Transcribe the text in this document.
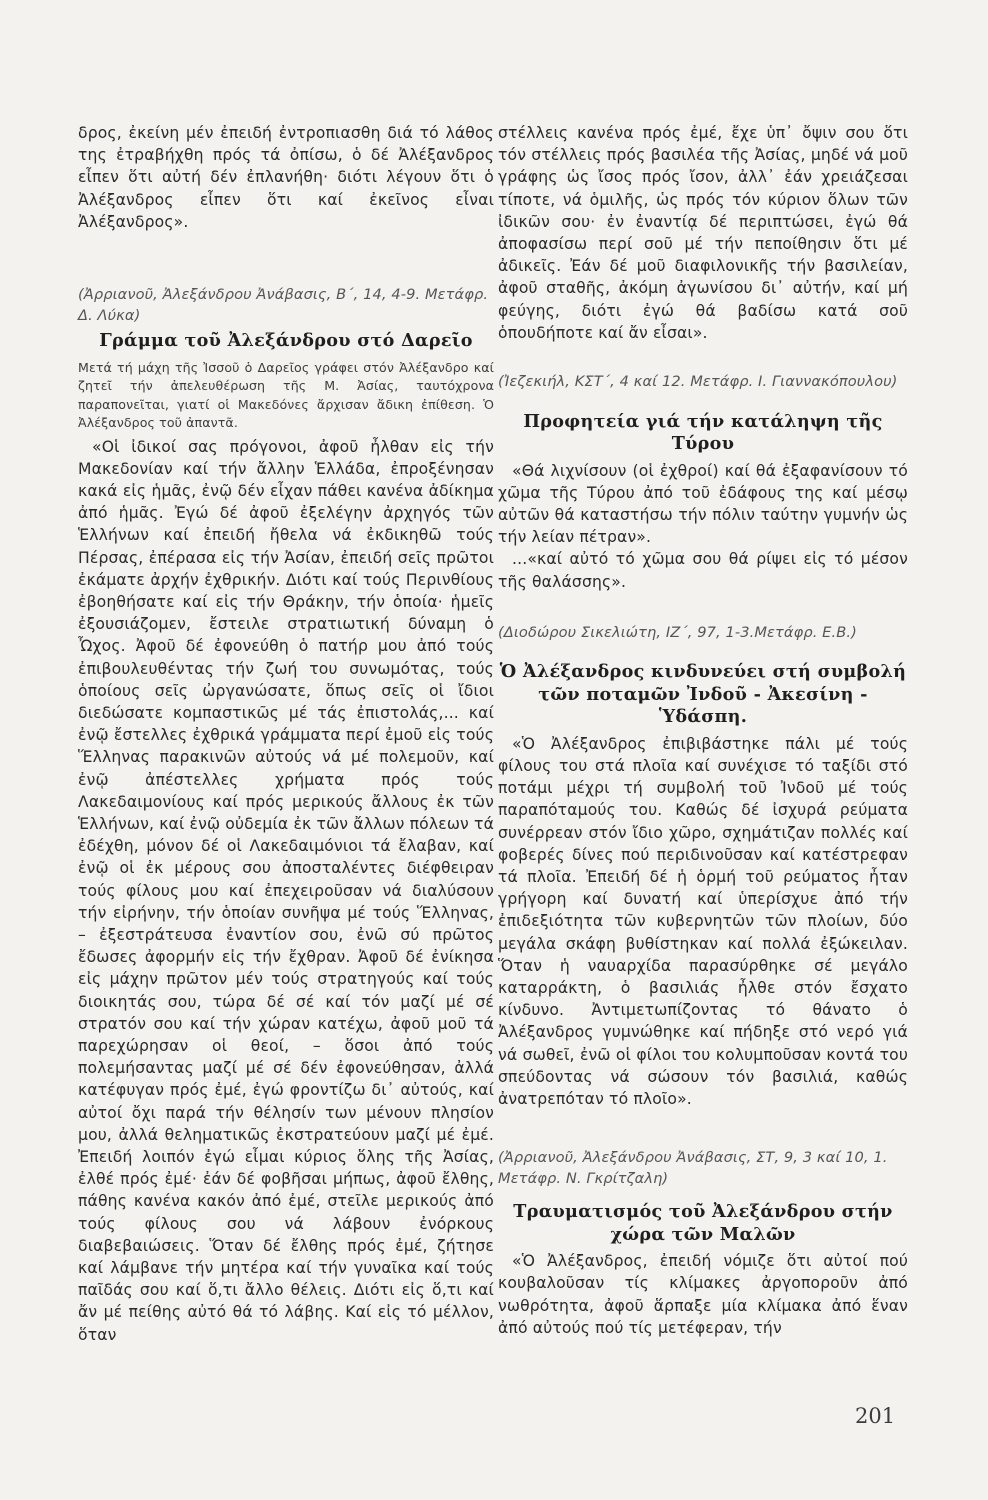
δρος, ἐκείνη μέν ἐπειδή ἐντροπιασθη διά τό λάθος της ἐτραβήχθη πρός τά ὀπίσω, ὁ δέ Ἀλέξανδρος εἶπεν ὅτι αὐτή δέν ἐπλανήθη· διότι λέγουν ὅτι ὁ Ἀλέξανδρος εἶπεν ὅτι καί ἐκεῖνος εἶναι Ἀλέξανδρος».

(Ἀρριανοῦ, Ἀλεξάνδρου Ἀνάβασις, Β΄, 14, 4-9. Μετάφρ. Δ. Λύκα)

Γράμμα τοῦ Ἀλεξάνδρου στό Δαρεῖο

Μετά τή μάχη τῆς Ἰσσοῦ ὁ Δαρεῖος γράφει στόν Ἀλέξανδρο καί ζητεῖ τήν ἀπελευθέρωση τῆς Μ. Ἀσίας, ταυτόχρονα παραπονεῖται, γιατί οἱ Μακεδόνες ἄρχισαν ἄδικη ἐπίθεση. Ὁ Ἀλέξανδρος τοῦ ἀπαντᾶ.

«Οἱ ἰδικοί σας πρόγονοι, ἀφοῦ ἦλθαν εἰς τήν Μακεδονίαν καί τήν ἄλλην Ἑλλάδα, ἐπροξένησαν κακά εἰς ἡμᾶς, ἐνῷ δέν εἶχαν πάθει κανένα ἀδίκημα ἀπό ἡμᾶς. Ἐγώ δέ ἀφοῦ ἐξελέγην ἀρχηγός τῶν Ἑλλήνων καί ἐπειδή ἤθελα νά ἐκδικηθῶ τούς Πέρσας, ἐπέρασα εἰς τήν Ἀσίαν, ἐπειδή σεῖς πρῶτοι ἐκάματε ἀρχήν ἐχθρικήν. Διότι καί τούς Περινθίους ἐβοηθήσατε καί εἰς τήν Θράκην, τήν ὁποία· ἡμεῖς ἐξουσιάζομεν, ἔστειλε στρατιωτική δύναμη ὁ Ὦχος. Ἀφοῦ δέ ἐφονεύθη ὁ πατήρ μου ἀπό τούς ἐπιβουλευθέντας τήν ζωή του συνωμότας, τούς ὁποίους σεῖς ὠργανώσατε, ὅπως σεῖς οἱ ἴδιοι διεδώσατε κομπαστικῶς μέ τάς ἐπιστολάς,... καί ἐνῷ ἔστελλες ἐχθρικά γράμματα περί ἐμοῦ εἰς τούς Ἕλληνας παρακινῶν αὐτούς νά μέ πολεμοῦν, καί ἐνῷ ἀπέστελλες χρήματα πρός τούς Λακεδαιμονίους καί πρός μερικούς ἄλλους ἐκ τῶν Ἑλλήνων, καί ἐνῷ οὐδεμία ἐκ τῶν ἄλλων πόλεων τά ἐδέχθη, μόνον δέ οἱ Λακεδαιμόνιοι τά ἔλαβαν, καί ἐνῷ οἱ ἐκ μέρους σου ἀποσταλέντες διέφθειραν τούς φίλους μου καί ἐπεχειροῦσαν νά διαλύσουν τήν εἰρήνην, τήν ὁποίαν συνῆψα μέ τούς Ἕλληνας, – ἐξεστράτευσα ἐναντίον σου, ἐνῶ σύ πρῶτος ἔδωσες ἀφορμήν εἰς τήν ἔχθραν. Ἀφοῦ δέ ἐνίκησα εἰς μάχην πρῶτον μέν τούς στρατηγούς καί τούς διοικητάς σου, τώρα δέ σέ καί τόν μαζί μέ σέ στρατόν σου καί τήν χώραν κατέχω, ἀφοῦ μοῦ τά παρεχώρησαν οἱ θεοί, – ὅσοι ἀπό τούς πολεμήσαντας μαζί μέ σέ δέν ἐφονεύθησαν, ἀλλά κατέφυγαν πρός ἐμέ, ἐγώ φροντίζω δι᾽ αὐτούς, καί αὐτοί ὄχι παρά τήν θέλησίν των μένουν πλησίον μου, ἀλλά θεληματικῶς ἐκστρατεύουν μαζί μέ ἐμέ. Ἐπειδή λοιπόν ἐγώ εἶμαι κύριος ὅλης τῆς Ἀσίας, ἐλθέ πρός ἐμέ· ἐάν δέ φοβῆσαι μήπως, ἀφοῦ ἔλθης, πάθης κανένα κακόν ἀπό ἐμέ, στεῖλε μερικούς ἀπό τούς φίλους σου νά λάβουν ἐνόρκους διαβεβαιώσεις. Ὅταν δέ ἔλθης πρός ἐμέ, ζήτησε καί λάμβανε τήν μητέρα καί τήν γυναῖκα καί τούς παῖδάς σου καί ὅ,τι ἄλλο θέλεις. Διότι εἰς ὅ,τι καί ἄν μέ πείθης αὐτό θά τό λάβης. Καί εἰς τό μέλλον, ὅταν

στέλλεις κανένα πρός ἐμέ, ἔχε ὑπ᾽ ὄψιν σου ὅτι τόν στέλλεις πρός βασιλέα τῆς Ἀσίας, μηδέ νά μοῦ γράφης ὡς ἴσος πρός ἴσον, ἀλλ᾽ ἐάν χρειάζεσαι τίποτε, νά ὁμιλῆς, ὡς πρός τόν κύριον ὅλων τῶν ἰδικῶν σου· ἐν ἐναντίᾳ δέ περιπτώσει, ἐγώ θά ἀποφασίσω περί σοῦ μέ τήν πεποίθησιν ὅτι μέ ἀδικεῖς. Ἐάν δέ μοῦ διαφιλονικῆς τήν βασιλείαν, ἀφοῦ σταθῆς, ἀκόμη ἀγωνίσου δι᾽ αὐτήν, καί μή φεύγης, διότι ἐγώ θά βαδίσω κατά σοῦ ὁπουδήποτε καί ἄν εἶσαι».

(Ἰεζεκιήλ, ΚΣΤ΄, 4 καί 12. Μετάφρ. Ι. Γιαννακόπουλου)

Προφητεία γιά τήν κατάληψη τῆς Τύρου

«Θά λιχνίσουν (οἱ ἐχθροί) καί θά ἐξαφανίσουν τό χῶμα τῆς Τύρου ἀπό τοῦ ἐδάφους της καί μέσῳ αὐτῶν θά καταστήσω τήν πόλιν ταύτην γυμνήν ὡς τήν λείαν πέτραν».

...«καί αὐτό τό χῶμα σου θά ρίψει εἰς τό μέσον τῆς θαλάσσης».

(Διοδώρου Σικελιώτη, ΙΖ΄, 97, 1-3.Μετάφρ. Ε.Β.)

Ὁ Ἀλέξανδρος κινδυνεύει στή συμβολή τῶν ποταμῶν Ἰνδοῦ - Ἀκεσίνη - Ὑδάσπη.

«Ὁ Ἀλέξανδρος ἐπιβιβάστηκε πάλι μέ τούς φίλους του στά πλοῖα καί συνέχισε τό ταξίδι στό ποτάμι μέχρι τή συμβολή τοῦ Ἰνδοῦ μέ τούς παραπόταμούς του. Καθώς δέ ἰσχυρά ρεύματα συνέρρεαν στόν ἴδιο χῶρο, σχημάτιζαν πολλές καί φοβερές δίνες πού περιδινοῦσαν καί κατέστρεφαν τά πλοῖα. Ἐπειδή δέ ἡ ὁρμή τοῦ ρεύματος ἦταν γρήγορη καί δυνατή καί ὑπερίσχυε ἀπό τήν ἐπιδεξιότητα τῶν κυβερνητῶν τῶν πλοίων, δύο μεγάλα σκάφη βυθίστηκαν καί πολλά ἐξώκειλαν. Ὅταν ἡ ναυαρχίδα παρασύρθηκε σέ μεγάλο καταρράκτη, ὁ βασιλιάς ἦλθε στόν ἔσχατο κίνδυνο. Ἀντιμετωπίζοντας τό θάνατο ὁ Ἀλέξανδρος γυμνώθηκε καί πήδηξε στό νερό γιά νά σωθεῖ, ἐνῶ οἱ φίλοι του κολυμποῦσαν κοντά του σπεύδοντας νά σώσουν τόν βασιλιά, καθώς ἀνατρεπόταν τό πλοῖο».

(Ἀρριανοῦ, Ἀλεξάνδρου Ἀνάβασις, ΣΤ, 9, 3 καί 10, 1. Μετάφρ. Ν. Γκρίτζαλη)

Τραυματισμός τοῦ Ἀλεξάνδρου στήν χώρα τῶν Μαλῶν

«Ὁ Ἀλέξανδρος, ἐπειδή νόμιζε ὅτι αὐτοί πού κουβαλοῦσαν τίς κλίμακες ἀργοποροῦν ἀπό νωθρότητα, ἀφοῦ ἅρπαξε μία κλίμακα ἀπό ἕναν ἀπό αὐτούς πού τίς μετέφεραν, τήν

201
